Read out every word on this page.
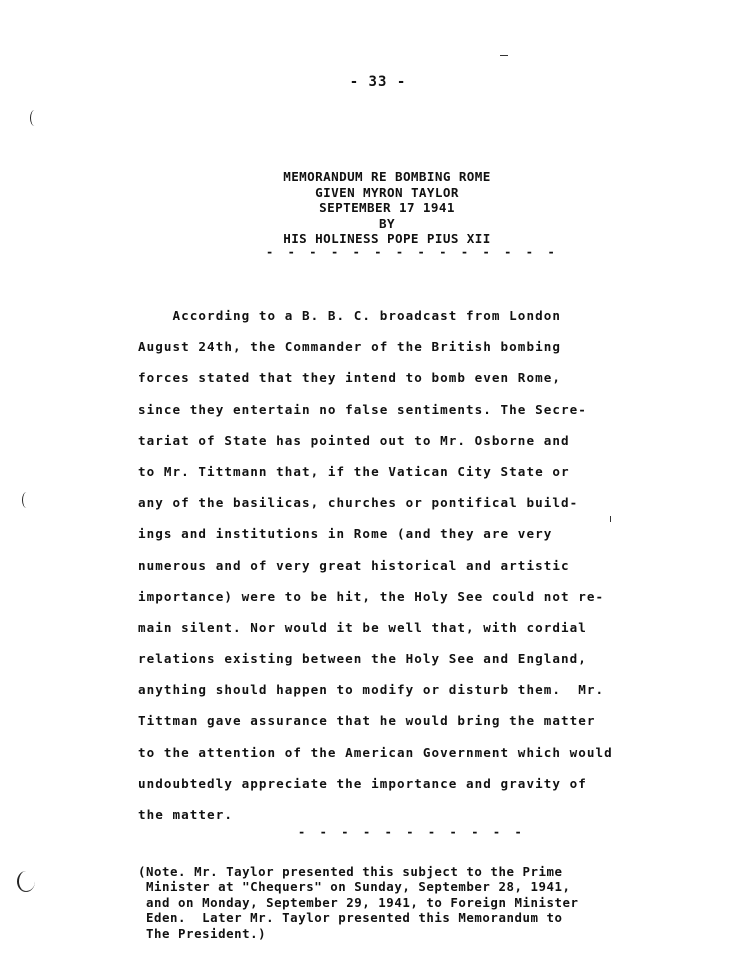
- 33 -
MEMORANDUM RE BOMBING ROME
GIVEN MYRON TAYLOR
SEPTEMBER 17 1941
BY
HIS HOLINESS POPE PIUS XII
- - - - - - - - - - - - - -
According to a B. B. C. broadcast from London
August 24th, the Commander of the British bombing
forces stated that they intend to bomb even Rome,
since they entertain no false sentiments. The Secre-
tariat of State has pointed out to Mr. Osborne and
to Mr. Tittmann that, if the Vatican City State or
any of the basilicas, churches or pontifical build-
ings and institutions in Rome (and they are very
numerous and of very great historical and artistic
importance) were to be hit, the Holy See could not re-
main silent. Nor would it be well that, with cordial
relations existing between the Holy See and England,
anything should happen to modify or disturb them.  Mr.
Tittman gave assurance that he would bring the matter
to the attention of the American Government which would
undoubtedly appreciate the importance and gravity of
the matter.
- - - - - - - - - - -
(Note. Mr. Taylor presented this subject to the Prime
Minister at "Chequers" on Sunday, September 28, 1941,
and on Monday, September 29, 1941, to Foreign Minister
Eden.  Later Mr. Taylor presented this Memorandum to
The President.)
